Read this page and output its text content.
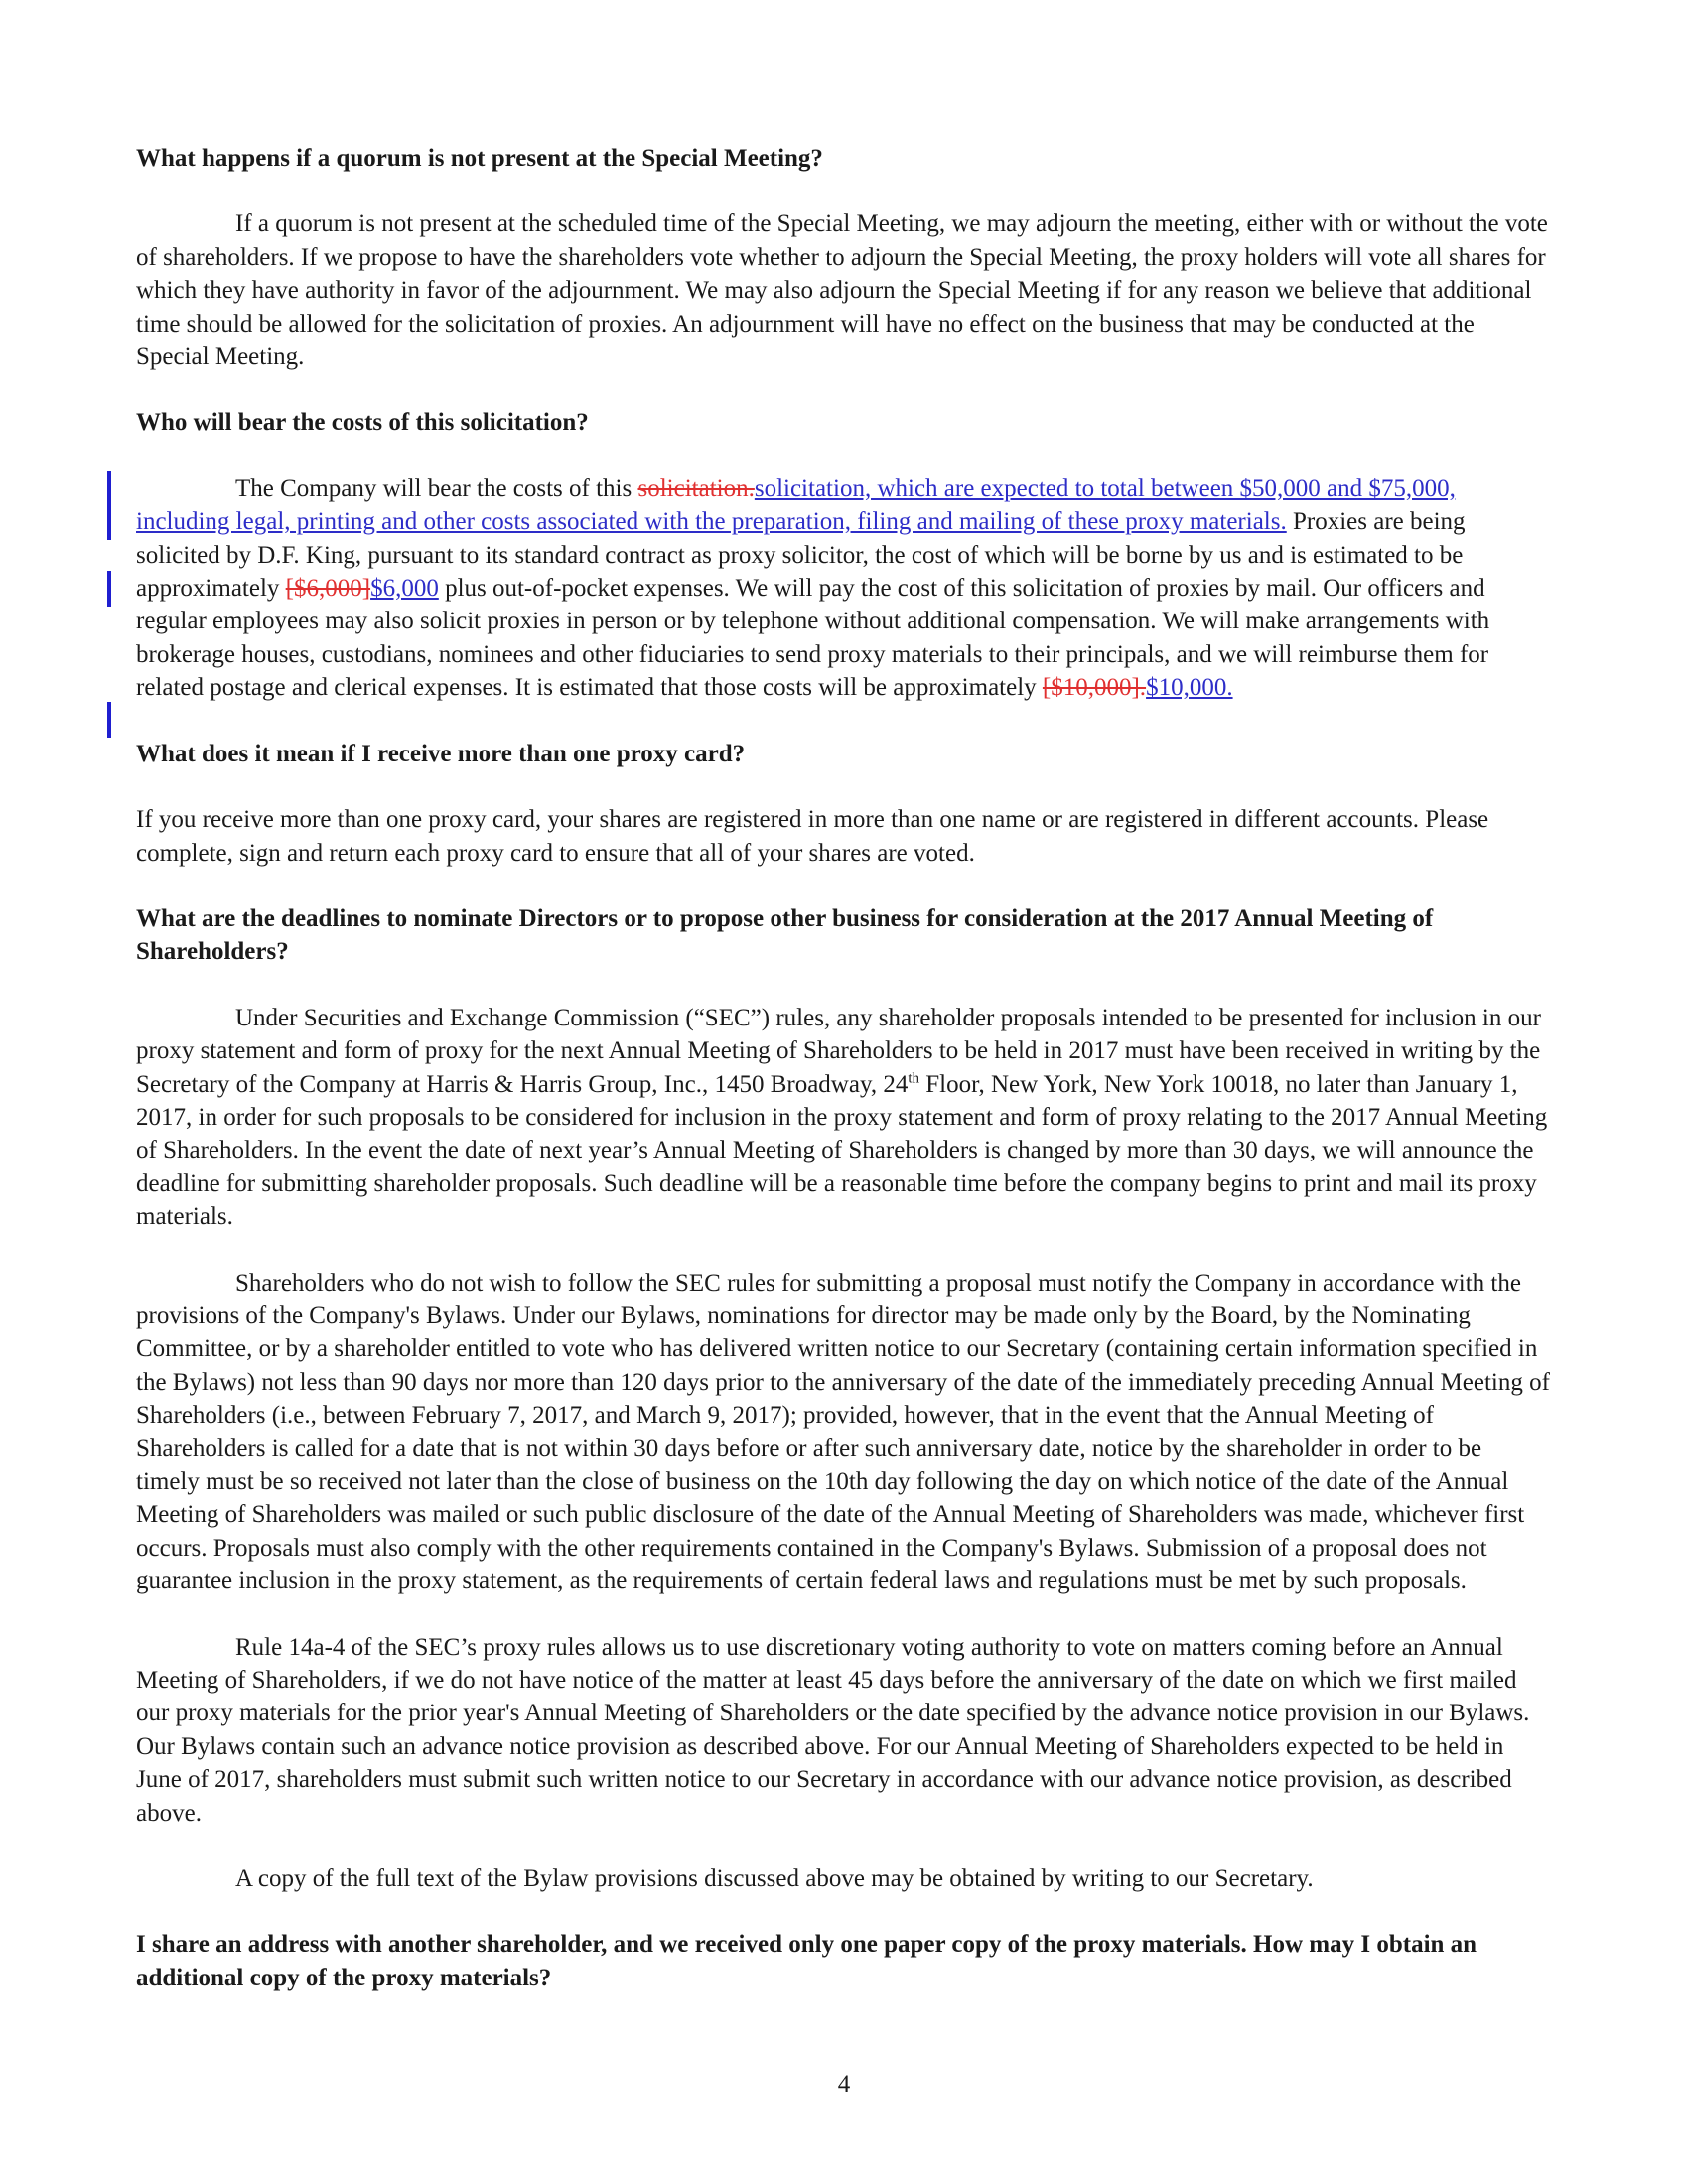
What happens if a quorum is not present at the Special Meeting?

If a quorum is not present at the scheduled time of the Special Meeting, we may adjourn the meeting, either with or without the vote of shareholders. If we propose to have the shareholders vote whether to adjourn the Special Meeting, the proxy holders will vote all shares for which they have authority in favor of the adjournment. We may also adjourn the Special Meeting if for any reason we believe that additional time should be allowed for the solicitation of proxies. An adjournment will have no effect on the business that may be conducted at the Special Meeting.

Who will bear the costs of this solicitation?

The Company will bear the costs of this solicitation.solicitation, which are expected to total between $50,000 and $75,000, including legal, printing and other costs associated with the preparation, filing and mailing of these proxy materials. Proxies are being solicited by D.F. King, pursuant to its standard contract as proxy solicitor, the cost of which will be borne by us and is estimated to be approximately [$6,000]$6,000 plus out-of-pocket expenses. We will pay the cost of this solicitation of proxies by mail. Our officers and regular employees may also solicit proxies in person or by telephone without additional compensation. We will make arrangements with brokerage houses, custodians, nominees and other fiduciaries to send proxy materials to their principals, and we will reimburse them for related postage and clerical expenses. It is estimated that those costs will be approximately [$10,000].$10,000.

What does it mean if I receive more than one proxy card?

If you receive more than one proxy card, your shares are registered in more than one name or are registered in different accounts. Please complete, sign and return each proxy card to ensure that all of your shares are voted.

What are the deadlines to nominate Directors or to propose other business for consideration at the 2017 Annual Meeting of Shareholders?

Under Securities and Exchange Commission (“SEC”) rules, any shareholder proposals intended to be presented for inclusion in our proxy statement and form of proxy for the next Annual Meeting of Shareholders to be held in 2017 must have been received in writing by the Secretary of the Company at Harris & Harris Group, Inc., 1450 Broadway, 24th Floor, New York, New York 10018, no later than January 1, 2017, in order for such proposals to be considered for inclusion in the proxy statement and form of proxy relating to the 2017 Annual Meeting of Shareholders. In the event the date of next year’s Annual Meeting of Shareholders is changed by more than 30 days, we will announce the deadline for submitting shareholder proposals. Such deadline will be a reasonable time before the company begins to print and mail its proxy materials.

Shareholders who do not wish to follow the SEC rules for submitting a proposal must notify the Company in accordance with the provisions of the Company's Bylaws. Under our Bylaws, nominations for director may be made only by the Board, by the Nominating Committee, or by a shareholder entitled to vote who has delivered written notice to our Secretary (containing certain information specified in the Bylaws) not less than 90 days nor more than 120 days prior to the anniversary of the date of the immediately preceding Annual Meeting of Shareholders (i.e., between February 7, 2017, and March 9, 2017); provided, however, that in the event that the Annual Meeting of Shareholders is called for a date that is not within 30 days before or after such anniversary date, notice by the shareholder in order to be timely must be so received not later than the close of business on the 10th day following the day on which notice of the date of the Annual Meeting of Shareholders was mailed or such public disclosure of the date of the Annual Meeting of Shareholders was made, whichever first occurs. Proposals must also comply with the other requirements contained in the Company's Bylaws. Submission of a proposal does not guarantee inclusion in the proxy statement, as the requirements of certain federal laws and regulations must be met by such proposals.

Rule 14a-4 of the SEC’s proxy rules allows us to use discretionary voting authority to vote on matters coming before an Annual Meeting of Shareholders, if we do not have notice of the matter at least 45 days before the anniversary of the date on which we first mailed our proxy materials for the prior year's Annual Meeting of Shareholders or the date specified by the advance notice provision in our Bylaws. Our Bylaws contain such an advance notice provision as described above. For our Annual Meeting of Shareholders expected to be held in June of 2017, shareholders must submit such written notice to our Secretary in accordance with our advance notice provision, as described above.

A copy of the full text of the Bylaw provisions discussed above may be obtained by writing to our Secretary.

I share an address with another shareholder, and we received only one paper copy of the proxy materials. How may I obtain an additional copy of the proxy materials?
4
